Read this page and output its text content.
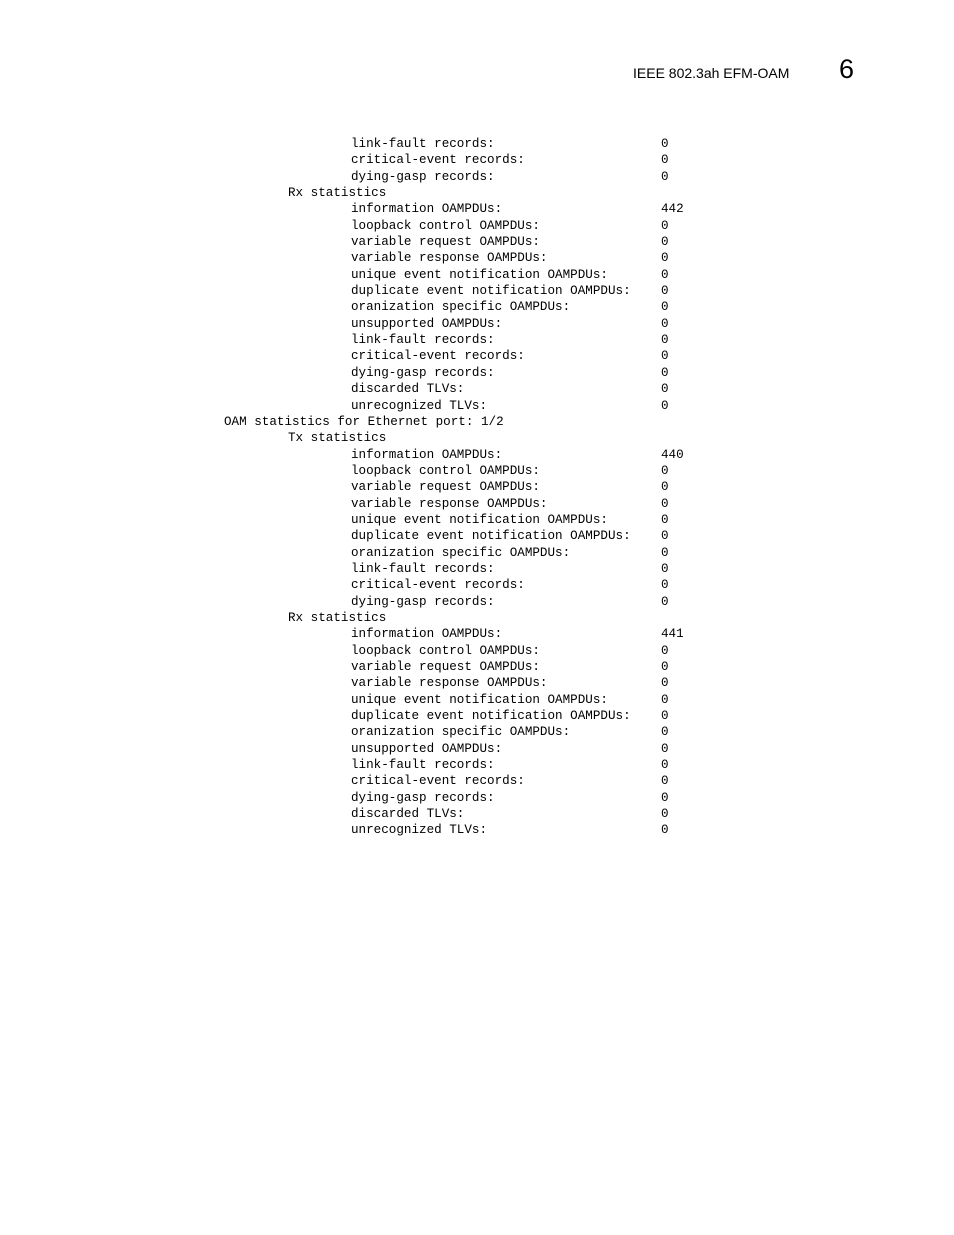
IEEE 802.3ah EFM-OAM 6
link-fault records:	0
critical-event records:	0
dying-gasp records:	0
Rx statistics
information OAMPDUs:	442
loopback control OAMPDUs:	0
variable request OAMPDUs:	0
variable response OAMPDUs:	0
unique event notification OAMPDUs:	0
duplicate event notification OAMPDUs: 0
oranization specific OAMPDUs:	0
unsupported OAMPDUs:	0
link-fault records:	0
critical-event records:	0
dying-gasp records:	0
discarded TLVs:	0
unrecognized TLVs:	0
OAM statistics for Ethernet port: 1/2
Tx statistics
information OAMPDUs:	440
loopback control OAMPDUs:	0
variable request OAMPDUs:	0
variable response OAMPDUs:	0
unique event notification OAMPDUs:	0
duplicate event notification OAMPDUs: 0
oranization specific OAMPDUs:	0
link-fault records:	0
critical-event records:	0
dying-gasp records:	0
Rx statistics
information OAMPDUs:	441
loopback control OAMPDUs:	0
variable request OAMPDUs:	0
variable response OAMPDUs:	0
unique event notification OAMPDUs:	0
duplicate event notification OAMPDUs: 0
oranization specific OAMPDUs:	0
unsupported OAMPDUs:	0
link-fault records:	0
critical-event records:	0
dying-gasp records:	0
discarded TLVs:	0
unrecognized TLVs:	0
